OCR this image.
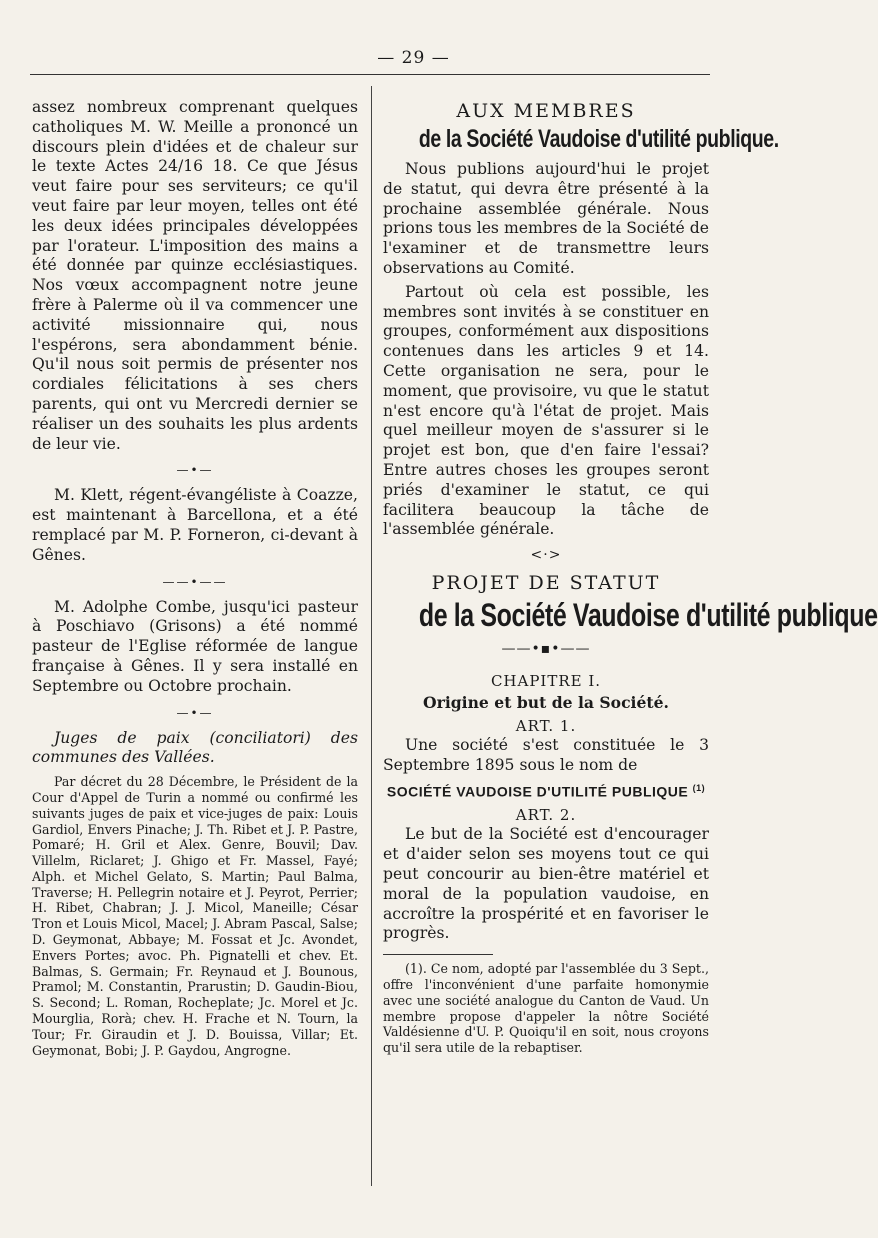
— 29 —

assez nombreux comprenant quelques catholiques M. W. Meille a prononcé un discours plein d'idées et de chaleur sur le texte Actes 24/16 18. Ce que Jésus veut faire pour ses serviteurs; ce qu'il veut faire par leur moyen, telles ont été les deux idées principales développées par l'orateur. L'imposition des mains a été donnée par quinze ecclésiastiques. Nos vœux accompagnent notre jeune frère à Palerme où il va commencer une activité missionnaire qui, nous l'espérons, sera abondamment bénie. Qu'il nous soit permis de présenter nos cordiales félicitations à ses chers parents, qui ont vu Mercredi dernier se réaliser un des souhaits les plus ardents de leur vie.

—•—

M. Klett, régent-évangéliste à Coazze, est maintenant à Barcellona, et a été remplacé par M. P. Forneron, ci-devant à Gênes.

——•——

M. Adolphe Combe, jusqu'ici pasteur à Poschiavo (Grisons) a été nommé pasteur de l'Eglise réformée de langue française à Gênes. Il y sera installé en Septembre ou Octobre prochain.

—•—

Juges de paix (conciliatori) des communes des Vallées.

Par décret du 28 Décembre, le Président de la Cour d'Appel de Turin a nommé ou confirmé les suivants juges de paix et vice-juges de paix: Louis Gardiol, Envers Pinache; J. Th. Ribet et J. P. Pastre, Pomaré; H. Gril et Alex. Genre, Bouvil; Dav. Villelm, Riclaret; J. Ghigo et Fr. Massel, Fayé; Alph. et Michel Gelato, S. Martin; Paul Balma, Traverse; H. Pellegrin notaire et J. Peyrot, Perrier; H. Ribet, Chabran; J. J. Micol, Maneille; César Tron et Louis Micol, Macel; J. Abram Pascal, Salse; D. Geymonat, Abbaye; M. Fossat et Jc. Avondet, Envers Portes; avoc. Ph. Pignatelli et chev. Et. Balmas, S. Germain; Fr. Reynaud et J. Bounous, Pramol; M. Constantin, Prarustin; D. Gaudin-Biou, S. Second; L. Roman, Rocheplate; Jc. Morel et Jc. Mourglia, Rorà; chev. H. Frache et N. Tourn, la Tour; Fr. Giraudin et J. D. Bouissa, Villar; Et. Geymonat, Bobi; J. P. Gaydou, Angrogne.

AUX MEMBRES
de la Société Vaudoise d'utilité publique.

Nous publions aujourd'hui le projet de statut, qui devra être présenté à la prochaine assemblée générale. Nous prions tous les membres de la Société de l'examiner et de transmettre leurs observations au Comité.

Partout où cela est possible, les membres sont invités à se constituer en groupes, conformément aux dispositions contenues dans les articles 9 et 14. Cette organisation ne sera, pour le moment, que provisoire, vu que le statut n'est encore qu'à l'état de projet. Mais quel meilleur moyen de s'assurer si le projet est bon, que d'en faire l'essai? Entre autres choses les groupes seront priés d'examiner le statut, ce qui facilitera beaucoup la tâche de l'assemblée générale.

<·>
PROJET DE STATUT
de la Société Vaudoise d'utilité publique
——•▪•——
CHAPITRE I.
Origine et but de la Société.
ART. 1.

Une société s'est constituée le 3 Septembre 1895 sous le nom de

SOCIÉTÉ VAUDOISE D'UTILITÉ PUBLIQUE $^{(1)}$
ART. 2.

Le but de la Société est d'encourager et d'aider selon ses moyens tout ce qui peut concourir au bien-être matériel et moral de la population vaudoise, en accroître la prospérité et en favoriser le progrès.

(1). Ce nom, adopté par l'assemblée du 3 Sept., offre l'inconvénient d'une parfaite homonymie avec une société analogue du Canton de Vaud. Un membre propose d'appeler la nôtre Société Valdésienne d'U. P. Quoiqu'il en soit, nous croyons qu'il sera utile de la rebaptiser.
